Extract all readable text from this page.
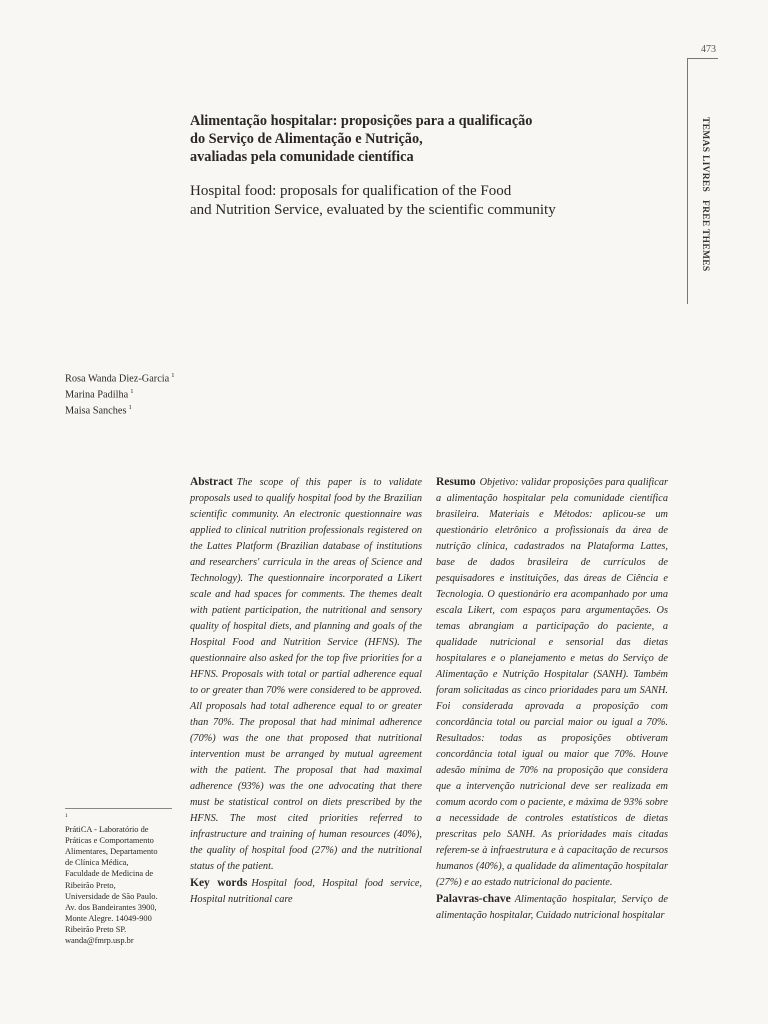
473
TEMAS LIVRES FREE THEMES
Alimentação hospitalar: proposições para a qualificação
do Serviço de Alimentação e Nutrição,
avaliadas pela comunidade científica
Hospital food: proposals for qualification of the Food
and Nutrition Service, evaluated by the scientific community
Rosa Wanda Diez-Garcia $^1$
Marina Padilha $^1$
Maisa Sanches $^1$
$^1$
PrátiCA - Laboratório de
Práticas e Comportamento
Alimentares, Departamento
de Clínica Médica,
Faculdade de Medicina de
Ribeirão Preto,
Universidade de São Paulo.
Av. dos Bandeirantes 3900,
Monte Alegre. 14049-900
Ribeirão Preto SP.
wanda@fmrp.usp.br

Abstract The scope of this paper is to validate proposals used to qualify hospital food by the Brazilian scientific community. An electronic questionnaire was applied to clinical nutrition professionals registered on the Lattes Platform (Brazilian database of institutions and researchers' curricula in the areas of Science and Technology). The questionnaire incorporated a Likert scale and had spaces for comments. The themes dealt with patient participation, the nutritional and sensory quality of hospital diets, and planning and goals of the Hospital Food and Nutrition Service (HFNS). The questionnaire also asked for the top five priorities for a HFNS. Proposals with total or partial adherence equal to or greater than 70% were considered to be approved. All proposals had total adherence equal to or greater than 70%. The proposal that had minimal adherence (70%) was the one that proposed that nutritional intervention must be arranged by mutual agreement with the patient. The proposal that had maximal adherence (93%) was the one advocating that there must be statistical control on diets prescribed by the HFNS. The most cited priorities referred to infrastructure and training of human resources (40%), the quality of hospital food (27%) and the nutritional status of the patient.

Key words Hospital food, Hospital food service, Hospital nutritional care

Resumo Objetivo: validar proposições para qualificar a alimentação hospitalar pela comunidade científica brasileira. Materiais e Métodos: aplicou-se um questionário eletrônico a profissionais da área de nutrição clínica, cadastrados na Plataforma Lattes, base de dados brasileira de currículos de pesquisadores e instituições, das áreas de Ciência e Tecnologia. O questionário era acompanhado por uma escala Likert, com espaços para argumentações. Os temas abrangiam a participação do paciente, a qualidade nutricional e sensorial das dietas hospitalares e o planejamento e metas do Serviço de Alimentação e Nutrição Hospitalar (SANH). Também foram solicitadas as cinco prioridades para um SANH. Foi considerada aprovada a proposição com concordância total ou parcial maior ou igual a 70%. Resultados: todas as proposições obtiveram concordância total igual ou maior que 70%. Houve adesão mínima de 70% na proposição que considera que a intervenção nutricional deve ser realizada em comum acordo com o paciente, e máxima de 93% sobre a necessidade de controles estatísticos de dietas prescritas pelo SANH. As prioridades mais citadas referem-se à infraestrutura e à capacitação de recursos humanos (40%), a qualidade da alimentação hospitalar (27%) e ao estado nutricional do paciente.

Palavras-chave Alimentação hospitalar, Serviço de alimentação hospitalar, Cuidado nutricional hospitalar
